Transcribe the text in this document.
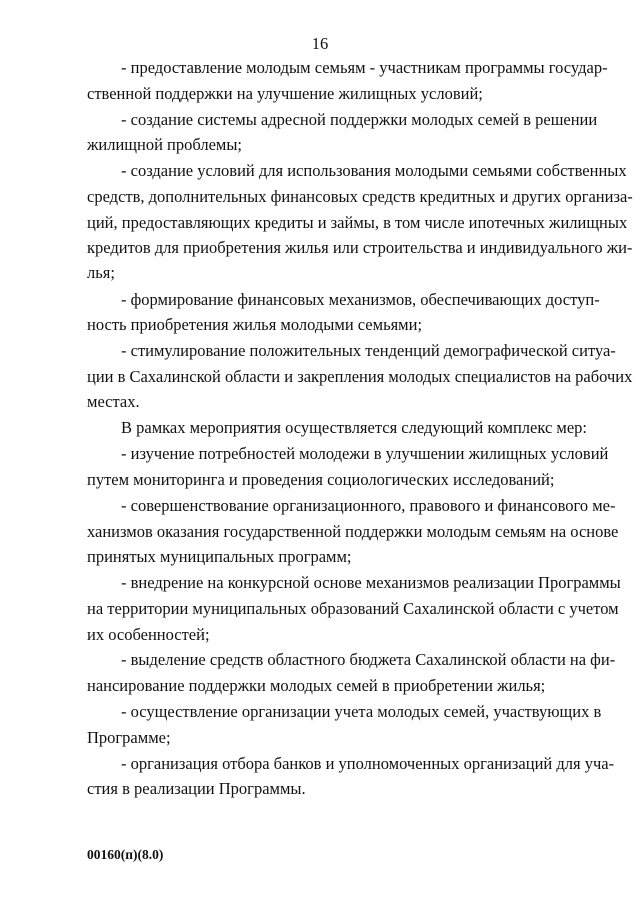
16
- предоставление молодым семьям - участникам программы государ-
ственной поддержки на улучшение жилищных условий;
- создание системы адресной поддержки молодых семей в решении
жилищной проблемы;
- создание условий для использования молодыми семьями собственных
средств, дополнительных финансовых средств кредитных и других организа-
ций, предоставляющих кредиты и займы, в том числе ипотечных жилищных
кредитов для приобретения жилья или строительства и индивидуального жи-
лья;
- формирование финансовых механизмов, обеспечивающих доступ-
ность приобретения жилья молодыми семьями;
- стимулирование положительных тенденций демографической ситуа-
ции в Сахалинской области и закрепления молодых специалистов на рабочих
местах.
В рамках мероприятия осуществляется следующий комплекс мер:
- изучение потребностей молодежи в улучшении жилищных условий
путем мониторинга и проведения социологических исследований;
- совершенствование организационного, правового и финансового ме-
ханизмов оказания государственной поддержки молодым семьям на основе
принятых муниципальных программ;
- внедрение на конкурсной основе механизмов реализации Программы
на территории муниципальных образований Сахалинской области с учетом
их особенностей;
- выделение средств областного бюджета Сахалинской области на фи-
нансирование поддержки молодых семей в приобретении жилья;
- осуществление организации учета молодых семей, участвующих в
Программе;
- организация отбора банков и уполномоченных организаций для уча-
стия в реализации Программы.
00160(п)(8.0)
